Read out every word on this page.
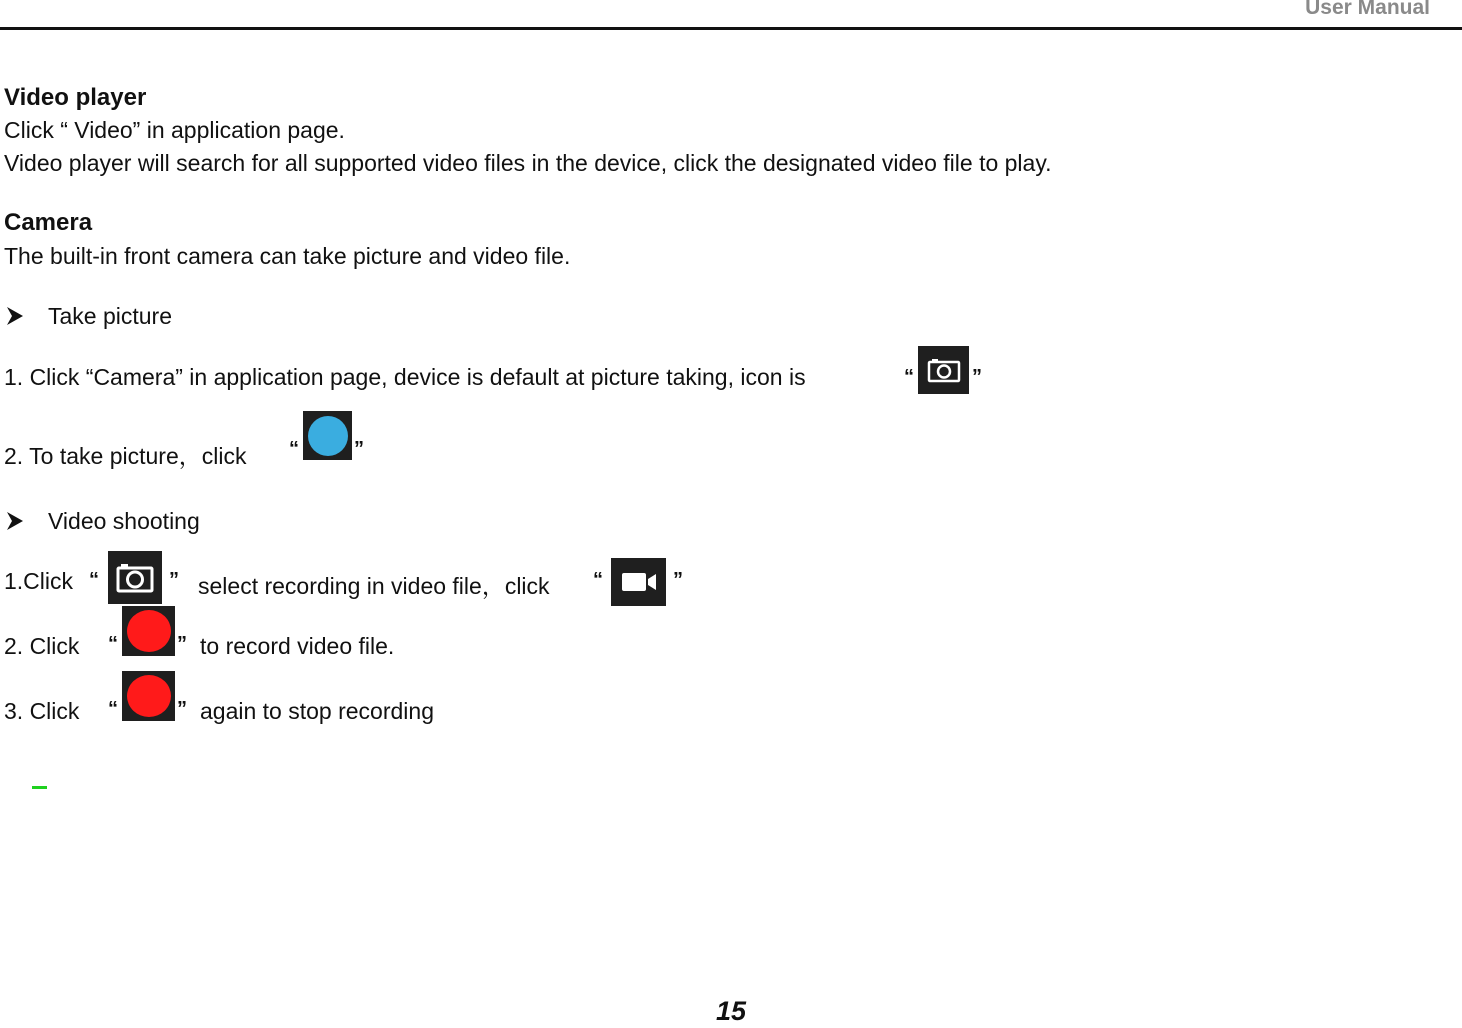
User Manual
Video player
Click “ Video” in application page.
Video player will search for all supported video files in the device, click the designated video file to play.
Camera
The built-in front camera can take picture and video file.
Take picture
1. Click “Camera” in application page, device is default at picture taking, icon is	“	”
2. To take picture，click “	”
Video shooting
1.Click “	” select recording in video file，click “	”
2. Click “	” to record video file.
3. Click “	” again to stop recording
15
